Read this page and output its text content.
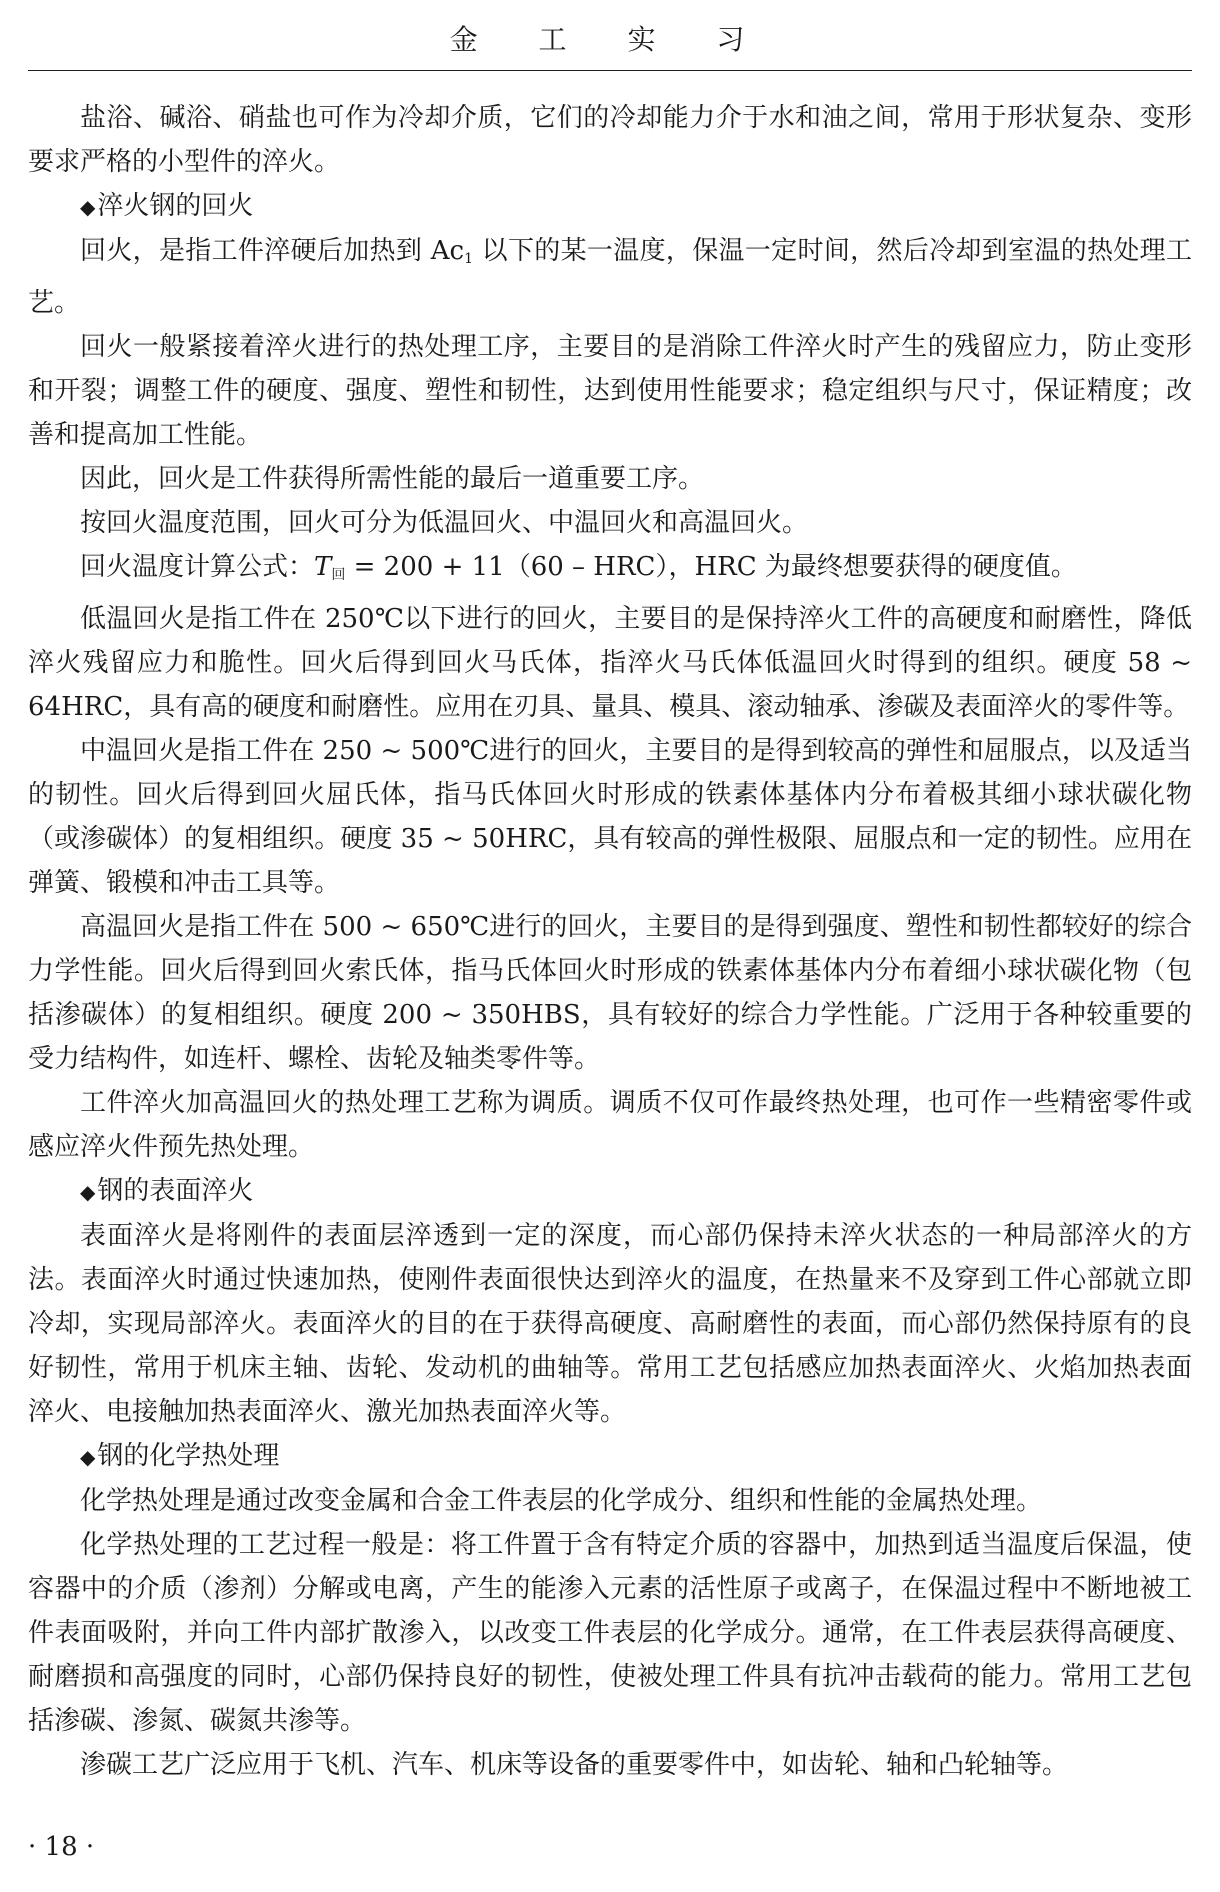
金 工 实 习

盐浴、碱浴、硝盐也可作为冷却介质，它们的冷却能力介于水和油之间，常用于形状复杂、变形要求严格的小型件的淬火。

◆淬火钢的回火

回火，是指工件淬硬后加热到 $Ac_1$ 以下的某一温度，保温一定时间，然后冷却到室温的热处理工艺。

回火一般紧接着淬火进行的热处理工序，主要目的是消除工件淬火时产生的残留应力，防止变形和开裂；调整工件的硬度、强度、塑性和韧性，达到使用性能要求；稳定组织与尺寸，保证精度；改善和提高加工性能。

因此，回火是工件获得所需性能的最后一道重要工序。

按回火温度范围，回火可分为低温回火、中温回火和高温回火。

回火温度计算公式：$T_回 = 200 + 11(60 - HRC)$，HRC 为最终想要获得的硬度值。

低温回火是指工件在 250℃以下进行的回火，主要目的是保持淬火工件的高硬度和耐磨性，降低淬火残留应力和脆性。回火后得到回火马氏体，指淬火马氏体低温回火时得到的组织。硬度 58 ~ 64HRC，具有高的硬度和耐磨性。应用在刃具、量具、模具、滚动轴承、渗碳及表面淬火的零件等。

中温回火是指工件在 250 ~ 500℃进行的回火，主要目的是得到较高的弹性和屈服点，以及适当的韧性。回火后得到回火屈氏体，指马氏体回火时形成的铁素体基体内分布着极其细小球状碳化物（或渗碳体）的复相组织。硬度 35 ~ 50HRC，具有较高的弹性极限、屈服点和一定的韧性。应用在弹簧、锻模和冲击工具等。

高温回火是指工件在 500 ~ 650℃进行的回火，主要目的是得到强度、塑性和韧性都较好的综合力学性能。回火后得到回火索氏体，指马氏体回火时形成的铁素体基体内分布着细小球状碳化物（包括渗碳体）的复相组织。硬度 200 ~ 350HBS，具有较好的综合力学性能。广泛用于各种较重要的受力结构件，如连杆、螺栓、齿轮及轴类零件等。

工件淬火加高温回火的热处理工艺称为调质。调质不仅可作最终热处理，也可作一些精密零件或感应淬火件预先热处理。

◆钢的表面淬火

表面淬火是将刚件的表面层淬透到一定的深度，而心部仍保持未淬火状态的一种局部淬火的方法。表面淬火时通过快速加热，使刚件表面很快达到淬火的温度，在热量来不及穿到工件心部就立即冷却，实现局部淬火。表面淬火的目的在于获得高硬度、高耐磨性的表面，而心部仍然保持原有的良好韧性，常用于机床主轴、齿轮、发动机的曲轴等。常用工艺包括感应加热表面淬火、火焰加热表面淬火、电接触加热表面淬火、激光加热表面淬火等。

◆钢的化学热处理

化学热处理是通过改变金属和合金工件表层的化学成分、组织和性能的金属热处理。

化学热处理的工艺过程一般是：将工件置于含有特定介质的容器中，加热到适当温度后保温，使容器中的介质（渗剂）分解或电离，产生的能渗入元素的活性原子或离子，在保温过程中不断地被工件表面吸附，并向工件内部扩散渗入，以改变工件表层的化学成分。通常，在工件表层获得高硬度、耐磨损和高强度的同时，心部仍保持良好的韧性，使被处理工件具有抗冲击载荷的能力。常用工艺包括渗碳、渗氮、碳氮共渗等。

渗碳工艺广泛应用于飞机、汽车、机床等设备的重要零件中，如齿轮、轴和凸轮轴等。

· 18 ·
